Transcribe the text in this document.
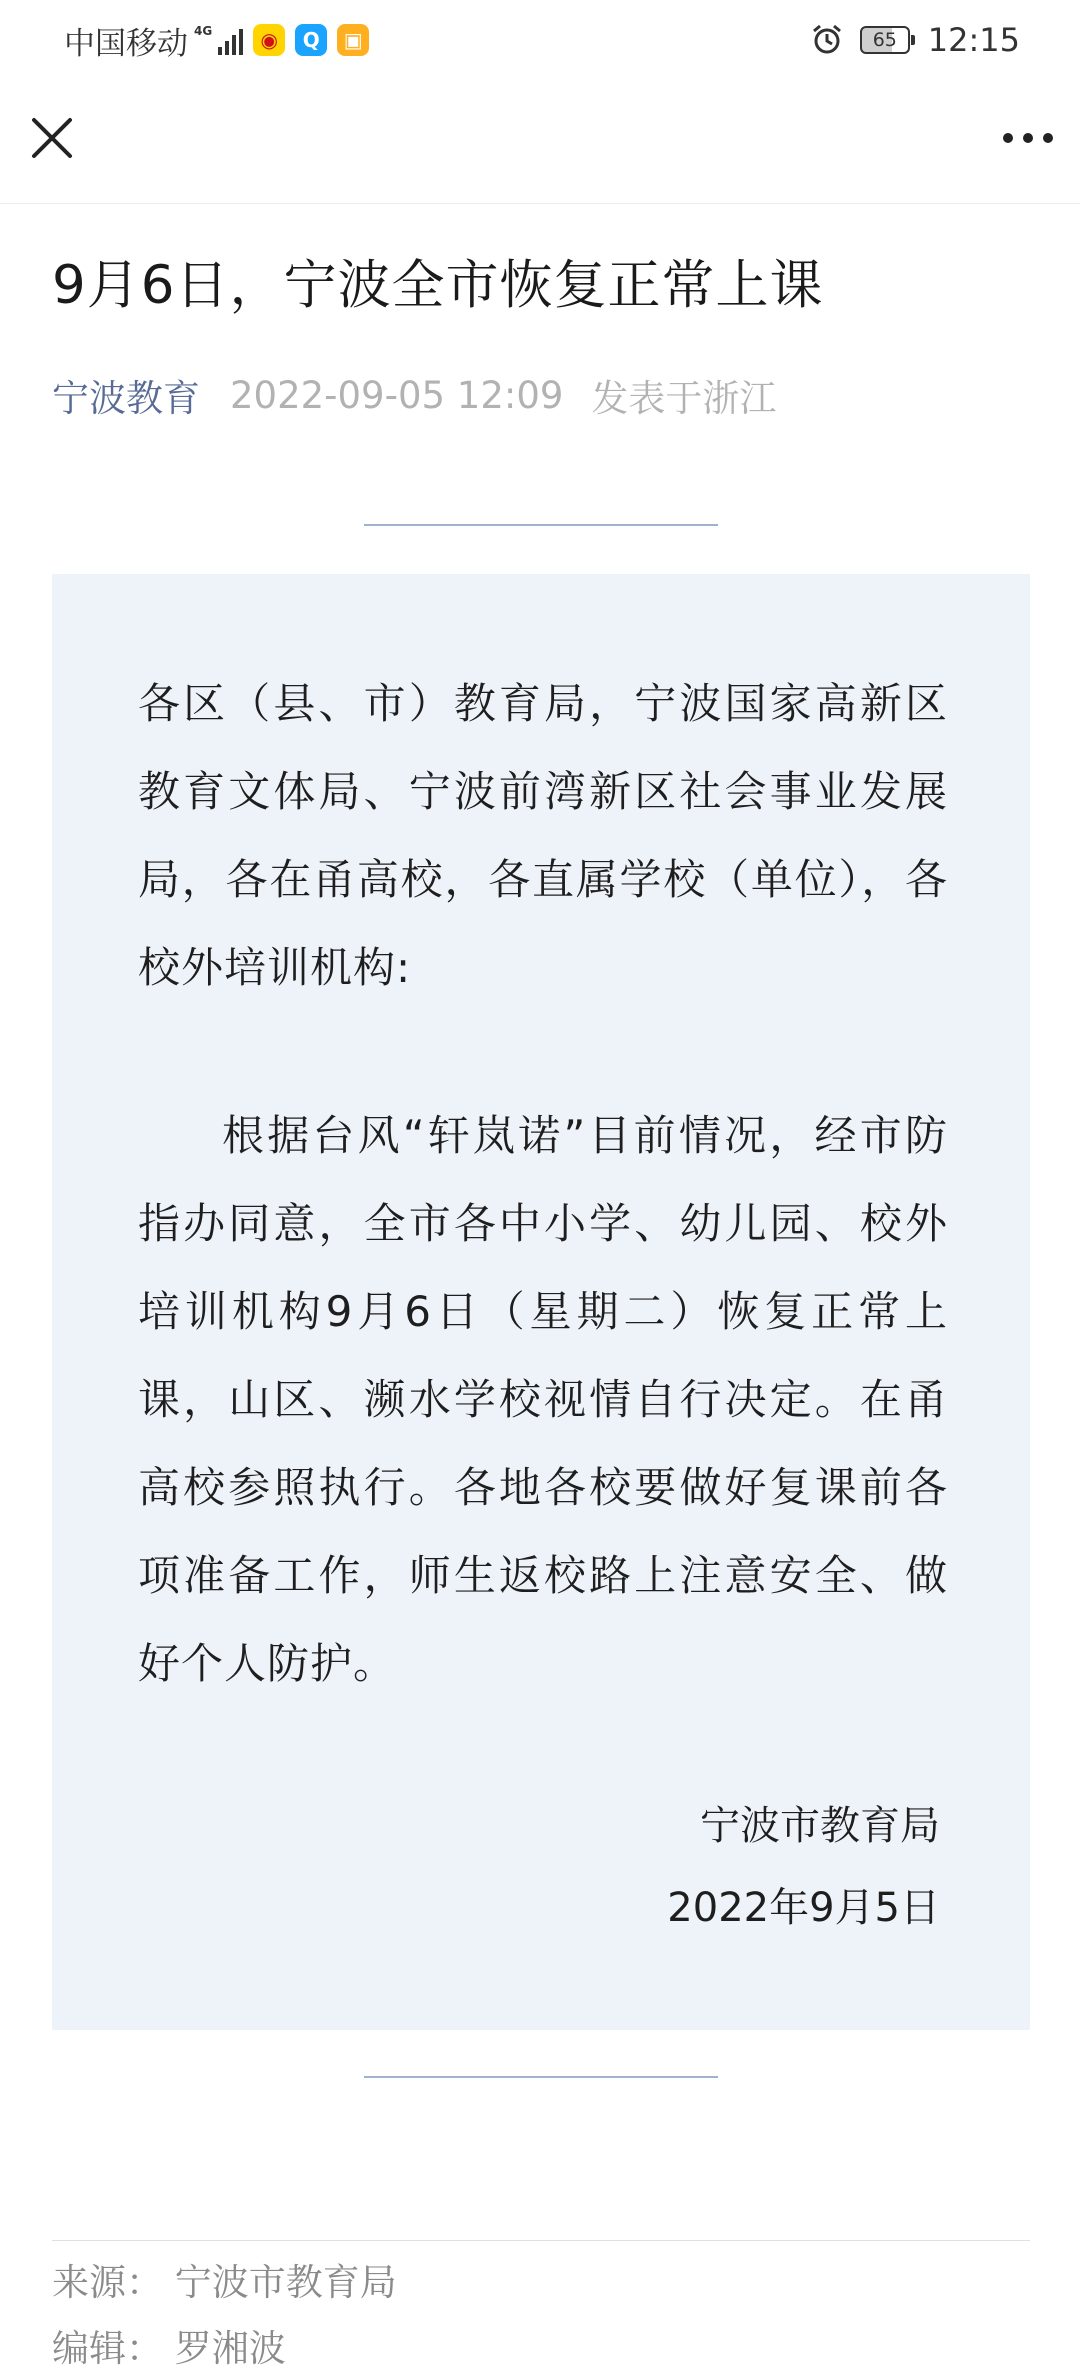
中国移动 4G	◉	Q	▣	65 12:15
9月6日，宁波全市恢复正常上课
宁波教育 2022-09-05 12:09 发表于浙江

各区（县、市）教育局，宁波国家高新区教育文体局、宁波前湾新区社会事业发展局，各在甬高校，各直属学校（单位），各校外培训机构:

根据台风“轩岚诺”目前情况，经市防指办同意，全市各中小学、幼儿园、校外培训机构9月6日（星期二）恢复正常上课，山区、濒水学校视情自行决定。在甬高校参照执行。各地各校要做好复课前各项准备工作，师生返校路上注意安全、做好个人防护。

宁波市教育局

2022年9月5日

来源： 宁波市教育局

编辑： 罗湘波
